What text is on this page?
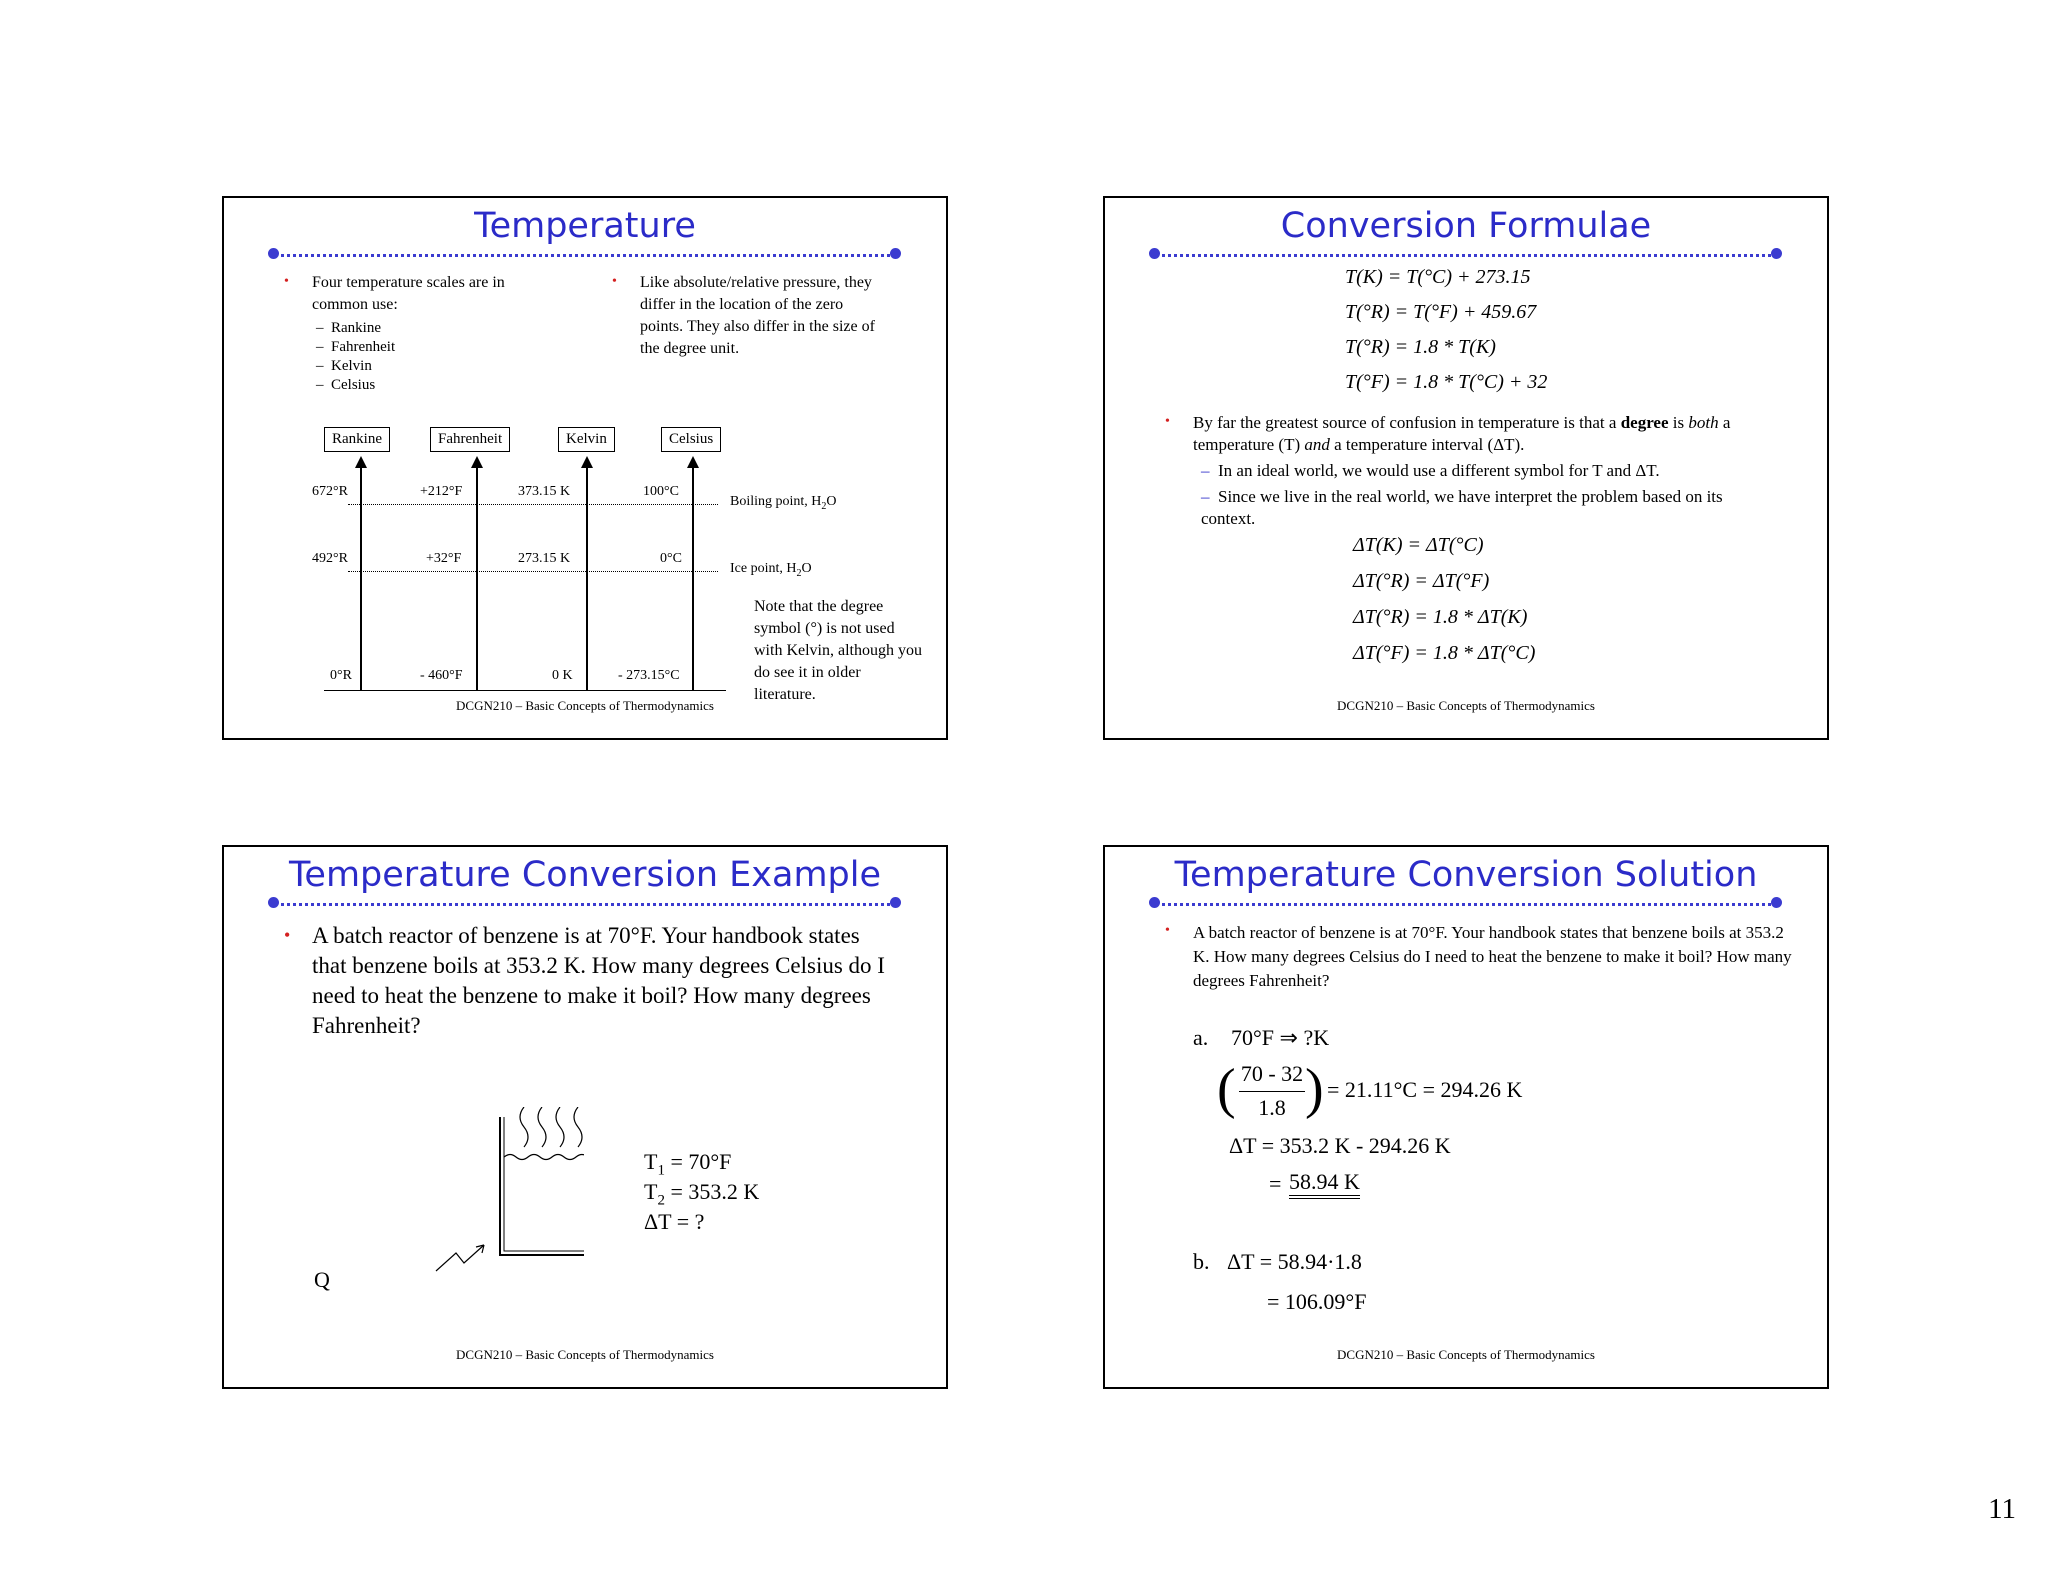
Temperature
• Four temperature scales are in common use:
–  Rankine
–  Fahrenheit
–  Kelvin
–  Celsius
• Like absolute/relative pressure, they differ in the location of the zero points. They also differ in the size of the degree unit.
Rankine	Fahrenheit	Kelvin	Celsius
672°R	+212°F	373.15 K	100°C
Boiling point, $H_2O$
492°R	+32°F	273.15 K	0°C
Ice point, $H_2O$
0°R	- 460°F	0 K	- 273.15°C
Note that the degree symbol (°) is not used with Kelvin, although you do see it in older literature.
DCGN210 – Basic Concepts of Thermodynamics
Conversion Formulae
T(K) = T(°C) + 273.15
T(°R) = T(°F) + 459.67
T(°R) = 1.8 * T(K)
T(°F) = 1.8 * T(°C) + 32
• By far the greatest source of confusion in temperature is that a degree is both a temperature (T) and a temperature interval (ΔT).
– In an ideal world, we would use a different symbol for T and ΔT.
– Since we live in the real world, we have interpret the problem based on its context.
ΔT(K) = ΔT(°C)
ΔT(°R) = ΔT(°F)
ΔT(°R) = 1.8 * ΔT(K)
ΔT(°F) = 1.8 * ΔT(°C)
DCGN210 – Basic Concepts of Thermodynamics
Temperature Conversion Example
• A batch reactor of benzene is at 70°F. Your handbook states that benzene boils at 353.2 K. How many degrees Celsius do I need to heat the benzene to make it boil? How many degrees Fahrenheit?
Q
$T_1 = 70^\circ F$
$T_2 = 353.2$ K
ΔT = ?
DCGN210 – Basic Concepts of Thermodynamics
Temperature Conversion Solution
• A batch reactor of benzene is at 70°F. Your handbook states that benzene boils at 353.2 K. How many degrees Celsius do I need to heat the benzene to make it boil? How many degrees Fahrenheit?
a. 70°F ⇒ ?K
( 70 - 32
1.8 ) = 21.11°C = 294.26 K
ΔT = 353.2 K - 294.26 K
= 58.94 K
b. ΔT = 58.94·1.8
= 106.09°F
DCGN210 – Basic Concepts of Thermodynamics
11
